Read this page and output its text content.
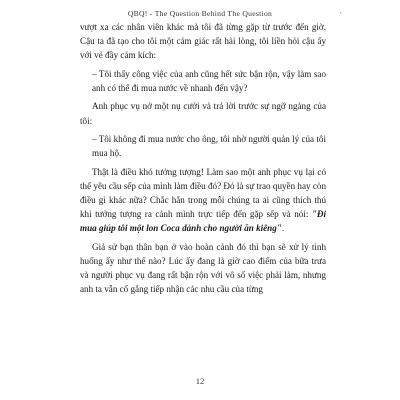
QBQ! - The Question Behind The Question	·

vượt xa các nhân viên khác mà tôi đã từng gặp từ trước đến giờ. Cậu ta đã tạo cho tôi một cảm giác rất hài lòng, tôi liền hỏi cậu ấy với vẻ đầy cảm kích:

– Tôi thấy công việc của anh cũng hết sức bận rộn, vậy làm sao anh có thể đi mua nước về nhanh đến vậy?

Anh phục vụ nở một nụ cười và trả lời trước sự ngỡ ngàng của tôi:

– Tôi không đi mua nước cho ông, tôi nhờ người quản lý của tôi mua hộ.

Thật là điều khó tưởng tượng! Làm sao một anh phục vụ lại có thể yêu cầu sếp của mình làm điều đó? Đó là sự trao quyền hay còn điều gì khác nữa? Chắc hẳn trong mỗi chúng ta ai cũng thích thú khi tưởng tượng ra cảnh mình trực tiếp đến gặp sếp và nói: "Đi mua giúp tôi một lon Coca dành cho người ăn kiêng".

Giả sử bạn thân bạn ở vào hoàn cảnh đó thì bạn sẽ xử lý tình huống ấy như thế nào? Lúc ấy đang là giờ cao điểm của bữa trưa và người phục vụ đang rất bận rộn với vô số việc phải làm, nhưng anh ta vẫn cố gắng tiếp nhận các nhu cầu của từng

12
